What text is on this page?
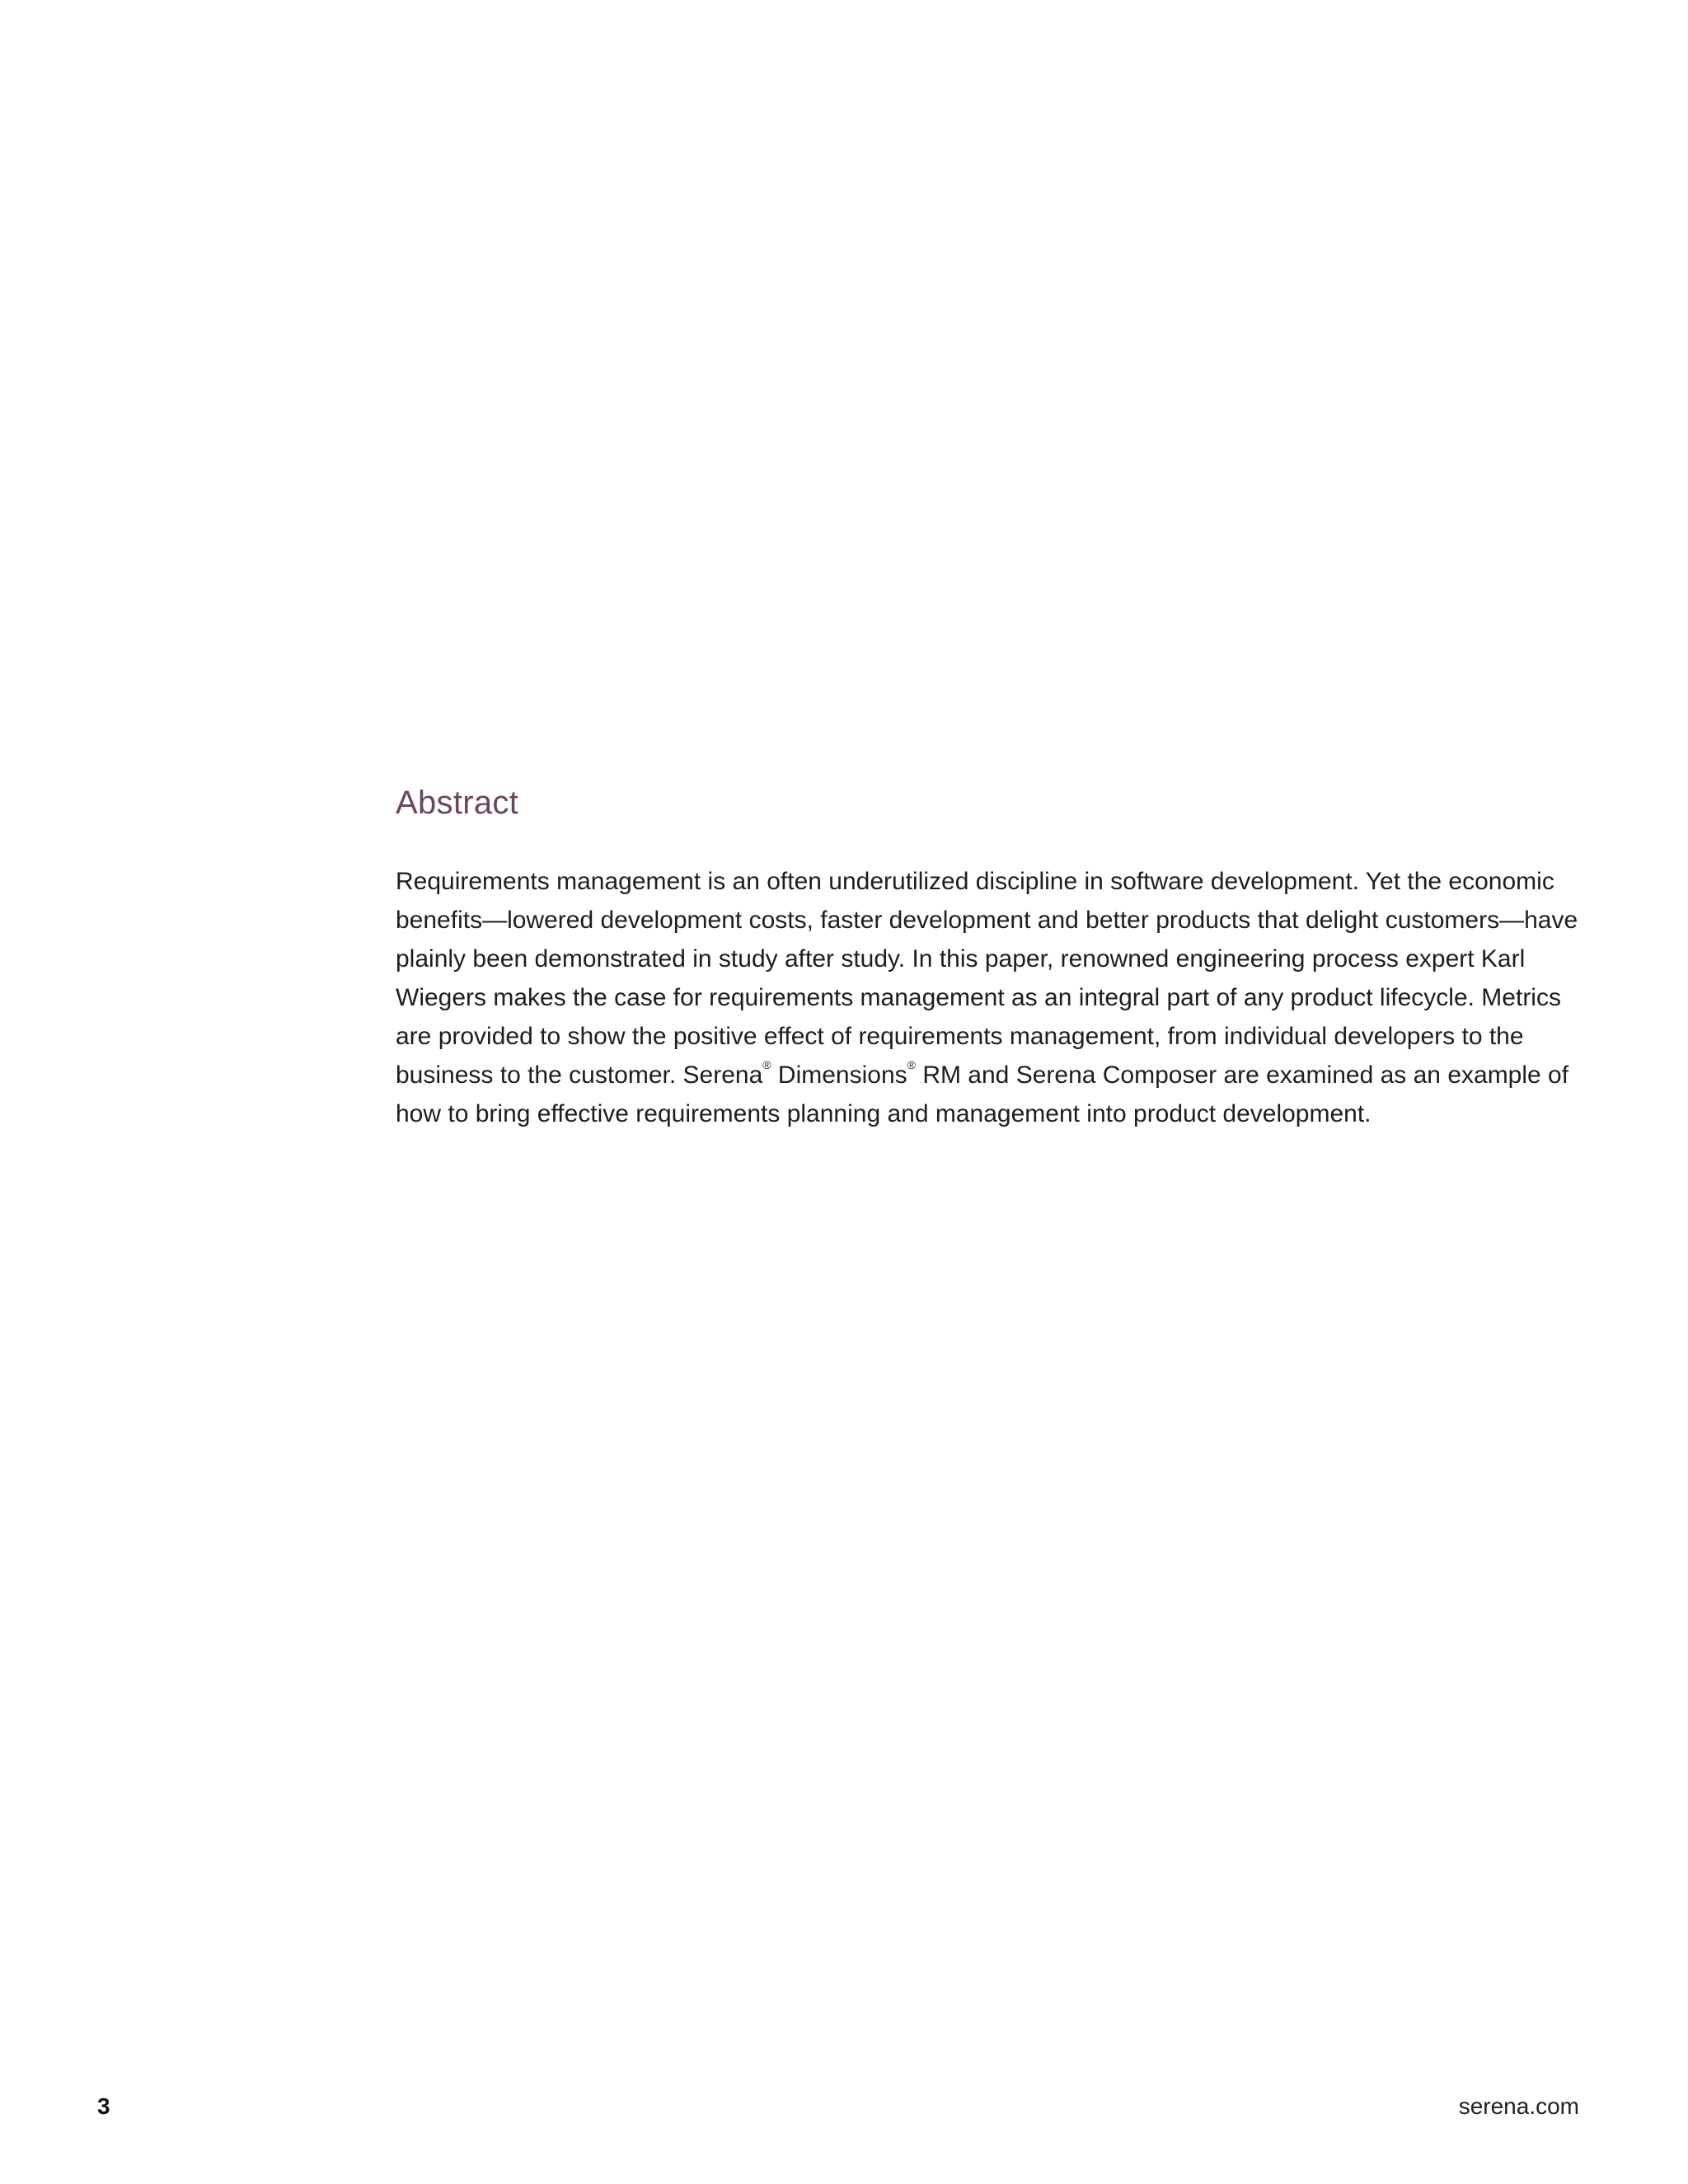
Abstract

Requirements management is an often underutilized discipline in software development. Yet the economic benefits—lowered development costs, faster development and better products that delight customers—have plainly been demonstrated in study after study. In this paper, renowned engineering process expert Karl Wiegers makes the case for requirements management as an integral part of any product lifecycle. Metrics are provided to show the positive effect of requirements management, from individual developers to the business to the customer. Serena® Dimensions® RM and Serena Composer are examined as an example of how to bring effective requirements planning and management into product development.

3	serena.com
